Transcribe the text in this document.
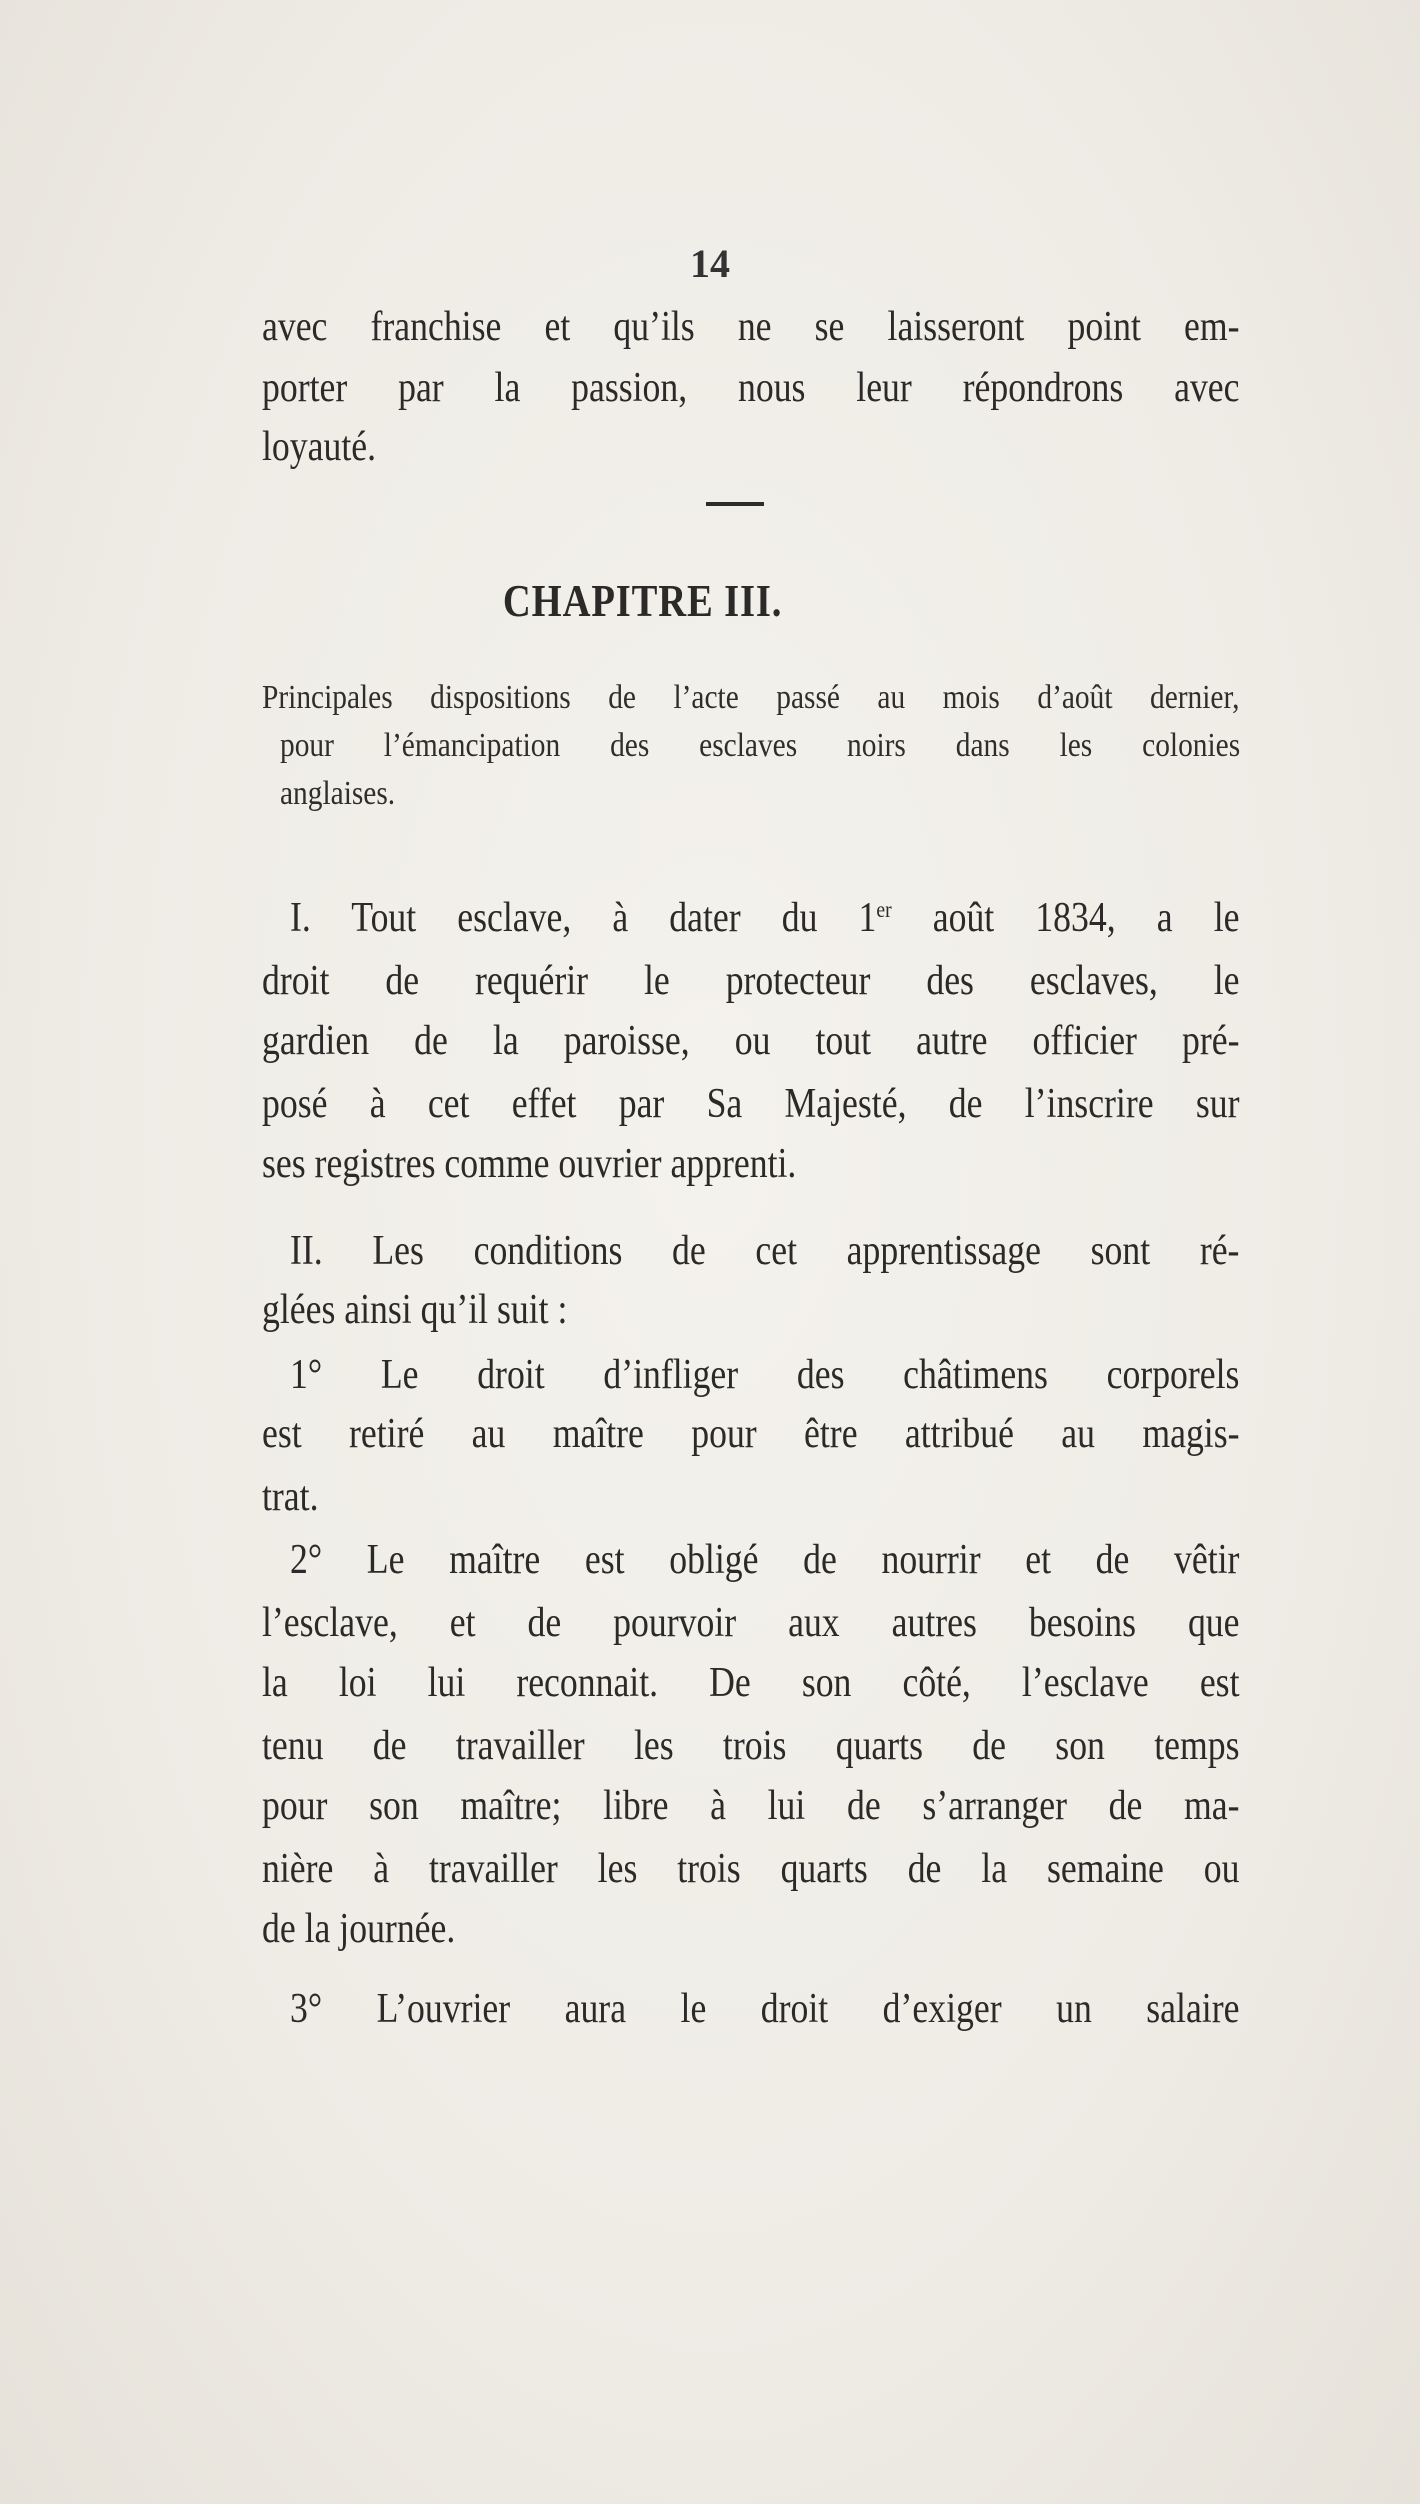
14
avec franchise et qu’ils ne se laisseront point em-
porter par la passion, nous leur répondrons avec
loyauté.
CHAPITRE III.
Principales dispositions de l’acte passé au mois d’août dernier,
pour l’émancipation des esclaves noirs dans les colonies
anglaises.
I. Tout esclave, à dater du 1er août 1834, a le
droit de requérir le protecteur des esclaves, le
gardien de la paroisse, ou tout autre officier pré-
posé à cet effet par Sa Majesté, de l’inscrire sur
ses registres comme ouvrier apprenti.
II. Les conditions de cet apprentissage sont ré-
glées ainsi qu’il suit :
1° Le droit d’infliger des châtimens corporels
est retiré au maître pour être attribué au magis-
trat.
2° Le maître est obligé de nourrir et de vêtir
l’esclave, et de pourvoir aux autres besoins que
la loi lui reconnait. De son côté, l’esclave est
tenu de travailler les trois quarts de son temps
pour son maître; libre à lui de s’arranger de ma-
nière à travailler les trois quarts de la semaine ou
de la journée.
3° L’ouvrier aura le droit d’exiger un salaire
